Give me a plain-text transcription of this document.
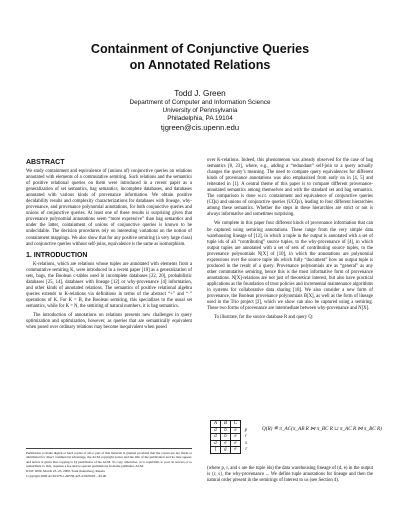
Containment of Conjunctive Queries
on Annotated Relations
Todd J. Green
Department of Computer and Information Science
University of Pennsylvania
Philadelphia, PA 19104
tjgreen@cis.upenn.edu
ABSTRACT

We study containment and equivalence of (unions of) conjunctive queries on relations annotated with elements of a commutative semiring. Such relations and the semantics of positive relational queries on them were introduced in a recent paper as a generalization of set semantics, bag semantics, incomplete databases, and databases annotated with various kinds of provenance information. We obtain positive decidability results and complexity characterizations for databases with lineage, why-provenance, and provenance polynomial annotations, for both conjunctive queries and unions of conjunctive queries. At least one of these results is surprising given that provenance polynomial annotations seem “more expressive” than bag semantics and under the latter, containment of unions of conjunctive queries is known to be undecidable. The decision procedures rely on interesting variations on the notion of containment mappings. We also show that for any positive semiring (a very large class) and conjunctive queries without self-joins, equivalence is the same as isomorphism.

1. INTRODUCTION

K-relations, which are relations whose tuples are annotated with elements from a commutative semiring K, were introduced in a recent paper [10] as a generalization of sets, bags, the Boolean c-tables used in incomplete databases [22, 20], probabilistic databases [25, 14], databases with lineage [12] or why-provenance [4] information, and other kinds of annotated relations. The semantics of positive relational algebra queries extends to K-relations via definitions in terms of the abstract “+” and “·” operations of K. For K = B, the Boolean semiring, this specializes to the usual set semantics, while for K = N, the semiring of natural numbers, it is bag semantics.

The introduction of annotations on relations presents new challenges in query optimization and optimization, however, as queries that are semantically equivalent when posed over ordinary relations may become inequivalent when posed

Permission to make digital or hard copies of all or part of this material is granted provided that the copies are not made or distributed for direct commercial advantage, the ACM copyright notice and the title of the publication and its date appear, and notice is given that copying is by permission of the ACM. To copy otherwise, or to republish, to post on servers or to redistribute to lists, requires a fee and/or special permissions from the publisher, ACM.

ICDT 2009, March 23–25, 2009, Saint Petersburg, Russia.

Copyright 2009 ACM 978-1-60558-423-2/09/0003 ...$5.00

over K-relations. Indeed, this phenomenon was already observed for the case of bag semantics [8, 23], where, e.g., adding a “redundant” self-join to a query actually changes the query’s meaning. The need to compute query equivalences for different kinds of provenance annotations was also emphasized from early on in [4, 5] and reiterated in [1]. A central theme of this paper is to compare different provenance-annotated semantics among themselves and with the standard set and bag semantics. The comparison is done w.r.t. containment and equivalence of conjunctive queries (CQs) and unions of conjunctive queries (UCQs), leading to four different hierarchies among these semantics. Whether the steps in these hierarchies are strict or not is always informative and sometimes surprising.

We complete in this paper four different kinds of provenance information that can be captured using semiring annotations. These range from the very simple data warehousing lineage of [12], in which a tuple in the output is annotated with a set of tuple ids of all “contributing” source tuples, to the why-provenance of [4], in which output tuples are annotated with a set of sets of contributing source tuples, to the provenance polynomials N[X] of [10], in which the annotations are polynomial expressions over the source tuple ids which fully “document” how an output tuple is produced in the result of a query. Provenance polynomials are as “general” as any other commutative semiring, hence this is the most informative form of provenance annotations. N[X]-relations are not just of theoretical interest, but also have practical applications as the foundation of trust policies and incremental maintenance algorithms in systems for collaborative data sharing [18]. We also consider a new form of provenance, the Boolean provenance polynomials B[X], as well as the form of lineage used in the Trio project [2], which we show can also be captured using a semiring. These two forms of provenance are intermediate between why-provenance and N[X].

To illustrate, for the source database R and query Q:

A	B	C	
d	b	e	p
d	b	e	r
d	e	e	s
f	g	e	r
Q(R) ≝ π_AC(π_AB R ⋈ π_BC R ∪ π_AC R ⋈ π_BC R)

(where p, r, and s are the tuple ids) the data warehousing lineage of (d, e) in the output is {r, s}, the why-provenance ... We define tuple annotations for lineage and then the natural order present in the semirings of interest to us (see Section 4).
